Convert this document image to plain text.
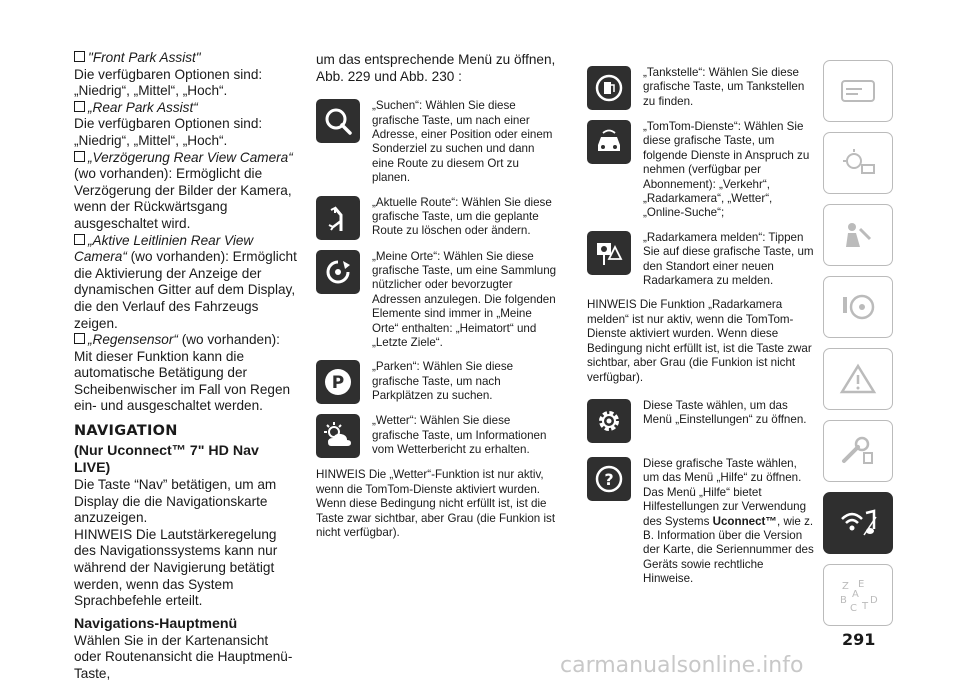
"Front Park Assist"

Die verfügbaren Optionen sind: „Niedrig“, „Mittel“, „Hoch“.

„Rear Park Assist“

Die verfügbaren Optionen sind: „Niedrig“, „Mittel“, „Hoch“.

„Verzögerung Rear View Camera“

(wo vorhanden): Ermöglicht die Verzögerung der Bilder der Kamera, wenn der Rückwärtsgang ausgeschaltet wird.

„Aktive Leitlinien Rear View Camera“ (wo vorhanden): Ermöglicht die Aktivierung der Anzeige der dynamischen Gitter auf dem Display, die den Verlauf des Fahrzeugs zeigen.

„Regensensor“ (wo vorhanden): Mit dieser Funktion kann die automatische Betätigung der Scheibenwischer im Fall von Regen ein- und ausgeschaltet werden.

NAVIGATION

(Nur Uconnect™ 7" HD Nav LIVE)

Die Taste “Nav” betätigen, um am Display die die Navigationskarte anzuzeigen.

HINWEIS Die Lautstärkeregelung des Navigationssystems kann nur während der Navigierung betätigt werden, wenn das System Sprachbefehle erteilt.

Navigations-Hauptmenü

Wählen Sie in der Kartenansicht oder Routenansicht die Hauptmenü-Taste,

um das entsprechende Menü zu öffnen, Abb. 229 und Abb. 230 :

„Suchen“: Wählen Sie diese grafische Taste, um nach einer Adresse, einer Position oder einem Sonderziel zu suchen und dann eine Route zu diesem Ort zu planen.
„Aktuelle Route“: Wählen Sie diese grafische Taste, um die geplante Route zu löschen oder ändern.
„Meine Orte“: Wählen Sie diese grafische Taste, um eine Sammlung nützlicher oder bevorzugter Adressen anzulegen. Die folgenden Elemente sind immer in „Meine Orte“ enthalten: „Heimatort“ und „Letzte Ziele“.
P
„Parken“: Wählen Sie diese grafische Taste, um nach Parkplätzen zu suchen.
„Wetter“: Wählen Sie diese grafische Taste, um Informationen vom Wetterbericht zu erhalten.
HINWEIS Die „Wetter“-Funktion ist nur aktiv, wenn die TomTom-Dienste aktiviert wurden. Wenn diese Bedingung nicht erfüllt ist, ist die Taste zwar sichtbar, aber Grau (die Funkion ist nicht verfügbar).
„Tankstelle“: Wählen Sie diese grafische Taste, um Tankstellen zu finden.
„TomTom-Dienste“: Wählen Sie diese grafische Taste, um folgende Dienste in Anspruch zu nehmen (verfügbar per Abonnement): „Verkehr“, „Radarkamera“, „Wetter“, „Online-Suche“;
„Radarkamera melden“: Tippen Sie auf diese grafische Taste, um den Standort einer neuen Radarkamera zu melden.
HINWEIS Die Funktion „Radarkamera melden“ ist nur aktiv, wenn die TomTom-Dienste aktiviert wurden. Wenn diese Bedingung nicht erfüllt ist, ist die Taste zwar sichtbar, aber Grau (die Funkion ist nicht verfügbar).
Diese Taste wählen, um das Menü „Einstellungen“ zu öffnen.
?
Diese grafische Taste wählen, um das Menü „Hilfe“ zu öffnen. Das Menü „Hilfe“ bietet Hilfestellungen zur Verwendung des Systems Uconnect™, wie z. B. Information über die Version der Karte, die Seriennummer des Geräts sowie rechtliche Hinweise.
Z E
B
C T
D
A
291
carmanualsonline.info
